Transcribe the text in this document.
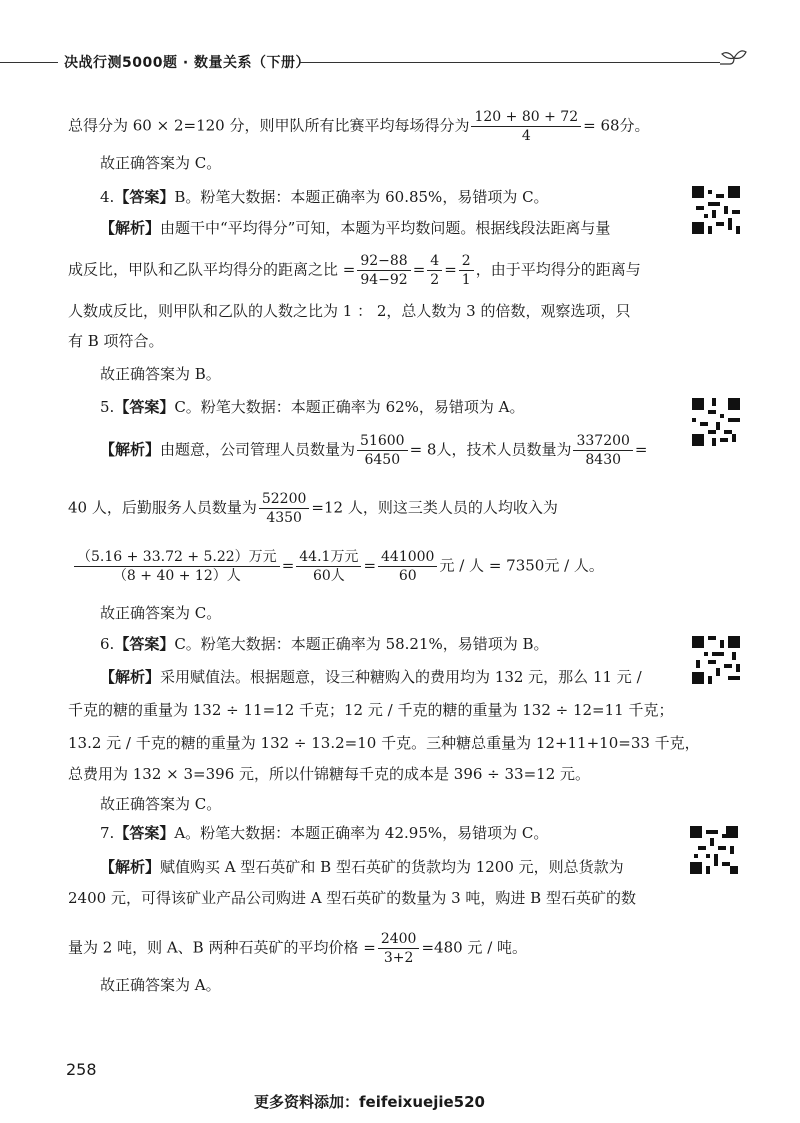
决战行测5000题 · 数量关系（下册）
总得分为 60 × 2=120 分，则甲队所有比赛平均每场得分为 $\frac{120 + 80 + 72}{4} = 68$分。
故正确答案为 C。
4.【答案】B。粉笔大数据：本题正确率为 60.85%，易错项为 C。
【解析】由题干中“平均得分”可知，本题为平均数问题。根据线段法距离与量
成反比，甲队和乙队平均得分的距离之比 = $\frac{92-88}{94-92} = \frac{4}{2} = \frac{2}{1}$ ，由于平均得分的距离与
人数成反比，则甲队和乙队的人数之比为 1 ： 2，总人数为 3 的倍数，观察选项，只
有 B 项符合。
故正确答案为 B。
5.【答案】C。粉笔大数据：本题正确率为 62%，易错项为 A。
【解析】由题意，公司管理人员数量为 $\frac{51600}{6450} = 8$人，技术人员数量为 $\frac{337200}{8430}$ =
40 人，后勤服务人员数量为 $\frac{52200}{4350} =12$ 人，则这三类人员的人均收入为
$\frac{\text{（5.16 + 33.72 + 5.22）万元}}{\text{（8 + 40 + 12）人}} = \frac{\text{44.1万元}}{\text{60人}} = \frac{441000}{60}$ 元 / 人 = 7350元 / 人。
故正确答案为 C。
6.【答案】C。粉笔大数据：本题正确率为 58.21%，易错项为 B。
【解析】采用赋值法。根据题意，设三种糖购入的费用均为 132 元，那么 11 元 /
千克的糖的重量为 132 ÷ 11=12 千克；12 元 / 千克的糖的重量为 132 ÷ 12=11 千克；
13.2 元 / 千克的糖的重量为 132 ÷ 13.2=10 千克。三种糖总重量为 12+11+10=33 千克，
总费用为 132 × 3=396 元，所以什锦糖每千克的成本是 396 ÷ 33=12 元。
故正确答案为 C。
7.【答案】A。粉笔大数据：本题正确率为 42.95%，易错项为 C。
【解析】赋值购买 A 型石英矿和 B 型石英矿的货款均为 1200 元，则总货款为
2400 元，可得该矿业产品公司购进 A 型石英矿的数量为 3 吨，购进 B 型石英矿的数
量为 2 吨，则 A、B 两种石英矿的平均价格 = $\frac{2400}{3+2} =480$ 元 / 吨。
故正确答案为 A。
258
更多资料添加：feifeixuejie520
